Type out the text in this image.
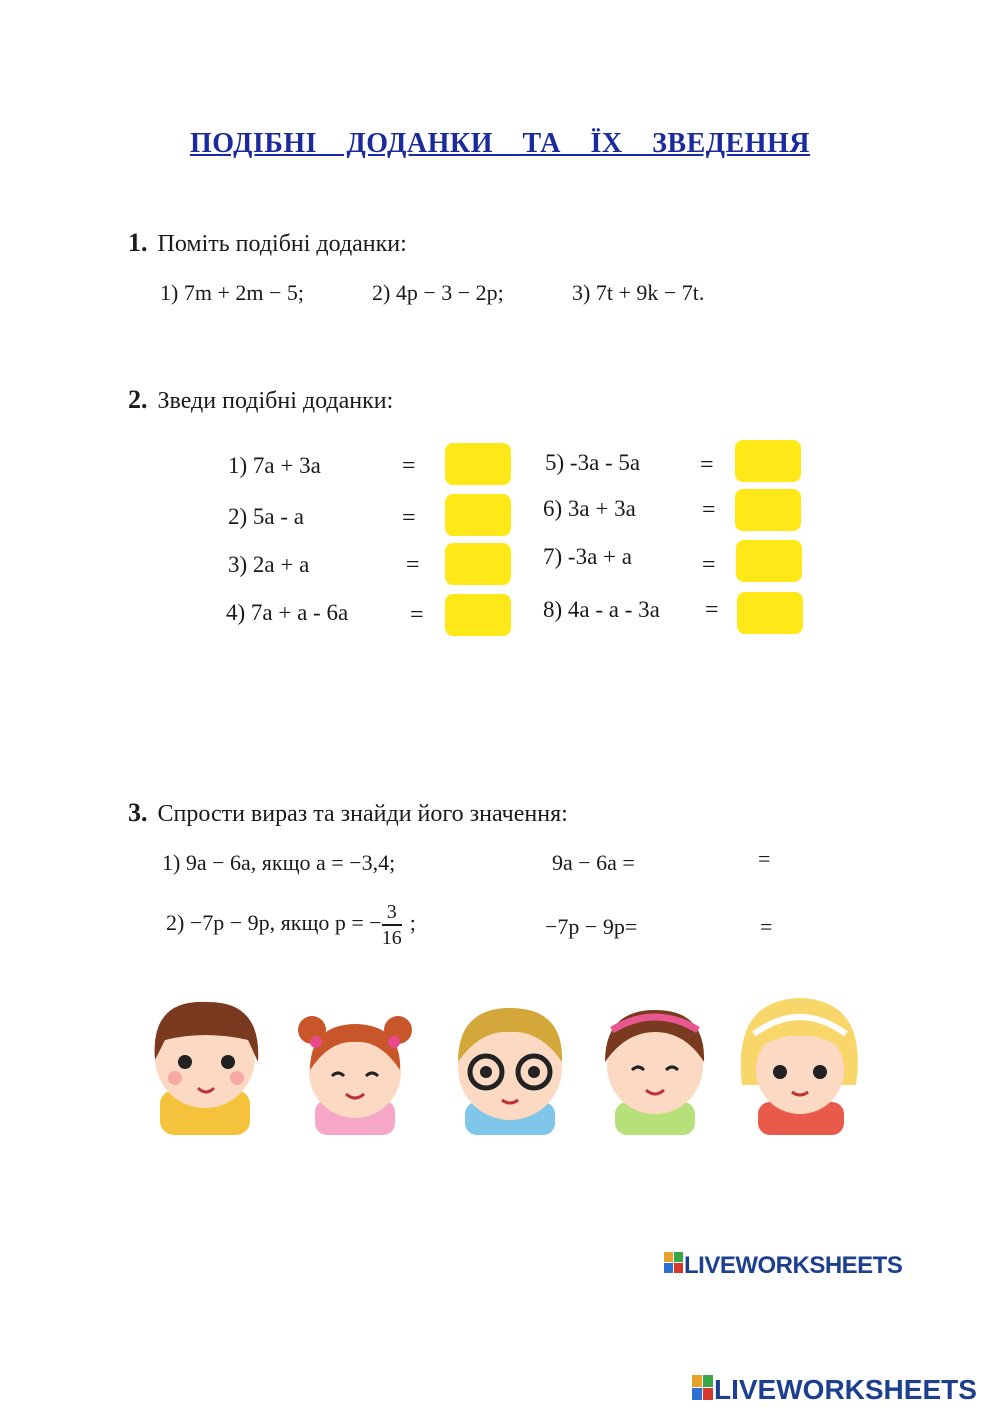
ПОДІБНІ ДОДАНКИ ТА ЇХ ЗВЕДЕННЯ
1. Поміть подібні доданки:
1) 7m + 2m − 5;	2) 4p − 3 − 2p;	3) 7t + 9k − 7t.
2. Зведи подібні доданки:
1) 7a + 3a	=
2) 5a - a	=
3) 2a + a	=
4) 7a + a - 6a	=
5) -3a - 5a =
6) 3a + 3a	=
7) -3a + a	=
8) 4a - a - 3a =
3. Спрости вираз та знайди його значення:
1) 9a − 6a, якщо a = −3,4;	9a − 6a =	=
2) −7p − 9p, якщо p = − $\frac{3}{16}$ ;	−7p − 9p=	=
LIVEWORKSHEETS
LIVEWORKSHEETS
